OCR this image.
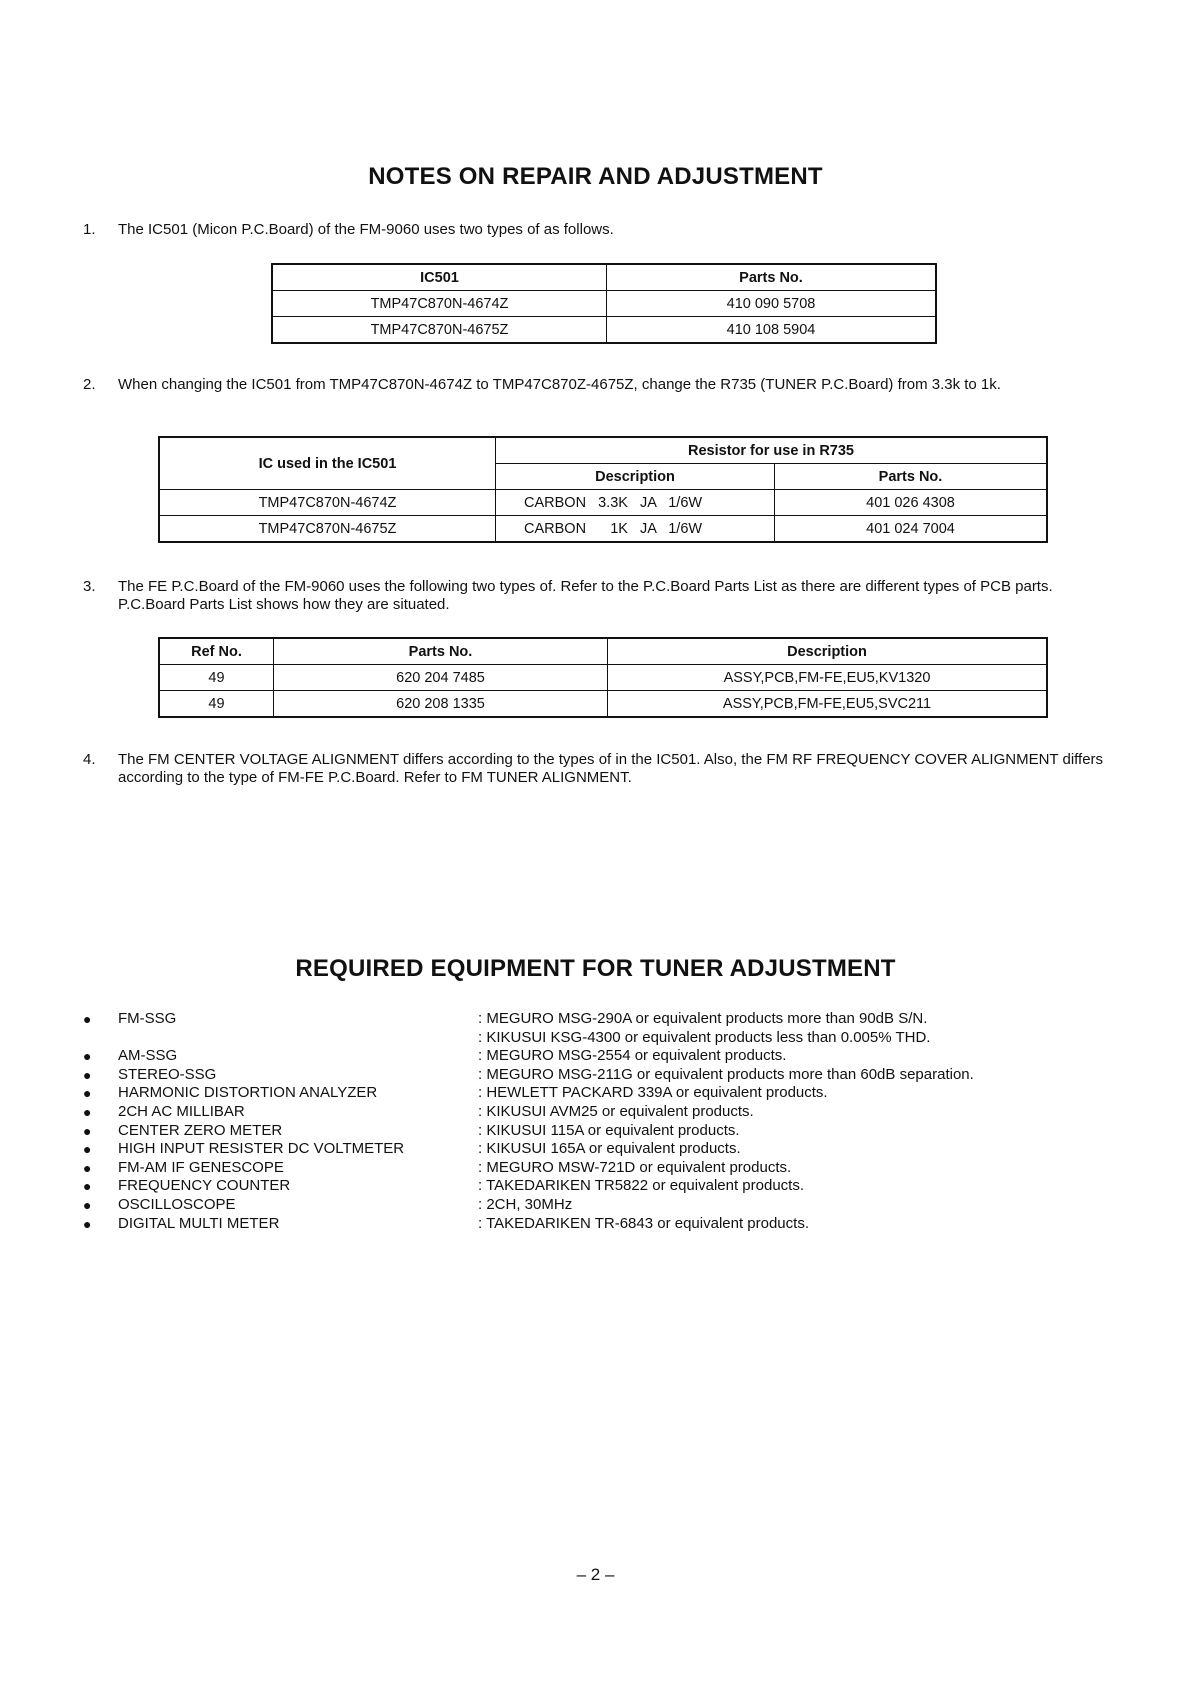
NOTES ON REPAIR AND ADJUSTMENT
1.	The IC501 (Micon P.C.Board) of the FM-9060 uses two types of as follows.
IC501	Parts No.
TMP47C870N-4674Z	410 090 5708
TMP47C870N-4675Z	410 108 5904
2.	When changing the IC501 from TMP47C870N-4674Z to TMP47C870Z-4675Z, change the R735 (TUNER P.C.Board) from 3.3k to 1k.
IC used in the IC501	Resistor for use in R735	
	Description	Parts No.
TMP47C870N-4674Z	CARBON   3.3K   JA   1/6W	401 026 4308
TMP47C870N-4675Z	CARBON      1K   JA   1/6W	401 024 7004
3.	The FE P.C.Board of the FM-9060 uses the following two types of. Refer to the P.C.Board Parts List as there are different types of PCB parts. P.C.Board Parts List shows how they are situated.
Ref No.	Parts No.	Description
49	620 204 7485	ASSY,PCB,FM-FE,EU5,KV1320
49	620 208 1335	ASSY,PCB,FM-FE,EU5,SVC211
4.	The FM CENTER VOLTAGE ALIGNMENT differs according to the types of in the IC501. Also, the FM RF FREQUENCY COVER ALIGNMENT differs according to the type of FM-FE P.C.Board. Refer to FM TUNER ALIGNMENT.
REQUIRED EQUIPMENT FOR TUNER ADJUSTMENT
● FM-SSG	: MEGURO MSG-290A or equivalent products more than 90dB S/N.
: KIKUSUI KSG-4300 or equivalent products less than 0.005% THD.
● AM-SSG	: MEGURO MSG-2554 or equivalent products.
● STEREO-SSG	: MEGURO MSG-211G or equivalent products more than 60dB separation.
● HARMONIC DISTORTION ANALYZER	: HEWLETT PACKARD 339A or equivalent products.
● 2CH AC MILLIBAR	: KIKUSUI AVM25 or equivalent products.
● CENTER ZERO METER	: KIKUSUI 115A or equivalent products.
● HIGH INPUT RESISTER DC VOLTMETER	: KIKUSUI 165A or equivalent products.
● FM-AM IF GENESCOPE	: MEGURO MSW-721D or equivalent products.
● FREQUENCY COUNTER	: TAKEDARIKEN TR5822 or equivalent products.
● OSCILLOSCOPE	: 2CH, 30MHz
● DIGITAL MULTI METER	: TAKEDARIKEN TR-6843 or equivalent products.
– 2 –
